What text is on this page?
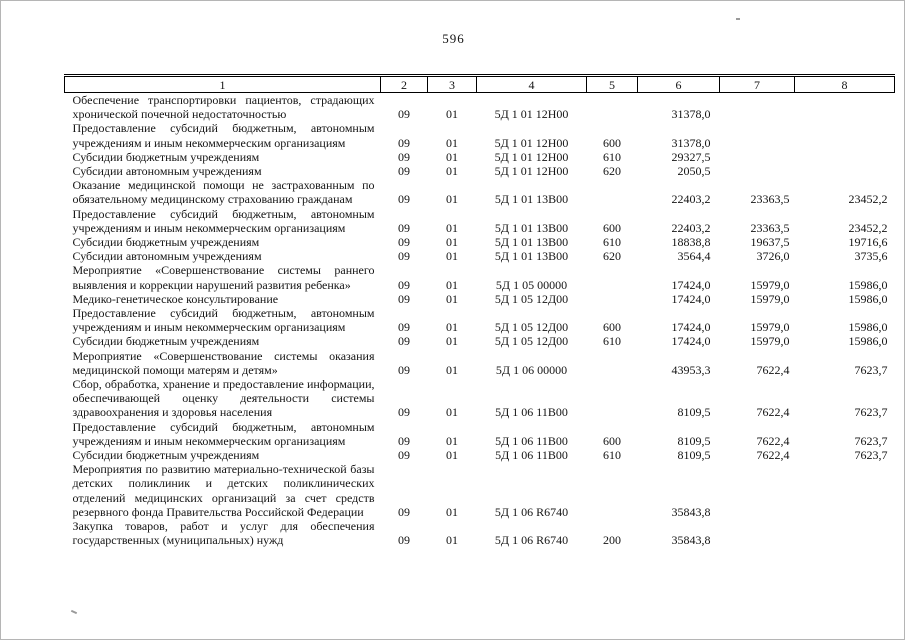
596
1	2	3	4	5	6	7	8
Обеспечение транспортировки пациентов, страдающих хронической почечной недостаточностью	09	01	5Д 1 01 12Н00		31378,0		
Предоставление субсидий бюджетным, автономным учреждениям и иным некоммерческим организациям	09	01	5Д 1 01 12Н00	600	31378,0		
Субсидии бюджетным учреждениям	09	01	5Д 1 01 12Н00	610	29327,5		
Субсидии автономным учреждениям	09	01	5Д 1 01 12Н00	620	2050,5		
Оказание медицинской помощи не застрахованным по обязательному медицинскому страхованию гражданам	09	01	5Д 1 01 13В00		22403,2	23363,5	23452,2
Предоставление субсидий бюджетным, автономным учреждениям и иным некоммерческим организациям	09	01	5Д 1 01 13В00	600	22403,2	23363,5	23452,2
Субсидии бюджетным учреждениям	09	01	5Д 1 01 13В00	610	18838,8	19637,5	19716,6
Субсидии автономным учреждениям	09	01	5Д 1 01 13В00	620	3564,4	3726,0	3735,6
Мероприятие «Совершенствование системы раннего выявления и коррекции нарушений развития ребенка»	09	01	5Д 1 05 00000		17424,0	15979,0	15986,0
Медико-генетическое консультирование	09	01	5Д 1 05 12Д00		17424,0	15979,0	15986,0
Предоставление субсидий бюджетным, автономным учреждениям и иным некоммерческим организациям	09	01	5Д 1 05 12Д00	600	17424,0	15979,0	15986,0
Субсидии бюджетным учреждениям	09	01	5Д 1 05 12Д00	610	17424,0	15979,0	15986,0
Мероприятие «Совершенствование системы оказания медицинской помощи матерям и детям»	09	01	5Д 1 06 00000		43953,3	7622,4	7623,7
Сбор, обработка, хранение и предоставление информации, обеспечивающей оценку деятельности системы здравоохранения и здоровья населения	09	01	5Д 1 06 11В00		8109,5	7622,4	7623,7
Предоставление субсидий бюджетным, автономным учреждениям и иным некоммерческим организациям	09	01	5Д 1 06 11В00	600	8109,5	7622,4	7623,7
Субсидии бюджетным учреждениям	09	01	5Д 1 06 11В00	610	8109,5	7622,4	7623,7
Мероприятия по развитию материально-технической базы детских поликлиник и детских поликлинических отделений медицинских организаций за счет средств резервного фонда Правительства Российской Федерации	09	01	5Д 1 06 R6740		35843,8		
Закупка товаров, работ и услуг для обеспечения государственных (муниципальных) нужд	09	01	5Д 1 06 R6740	200	35843,8		
